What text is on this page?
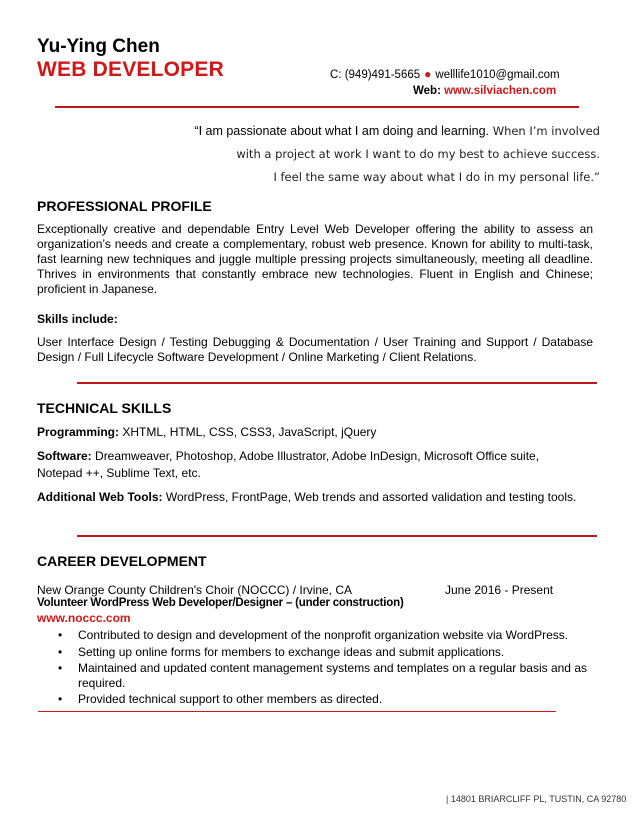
Yu-Ying Chen
WEB DEVELOPER	C: (949)491-5665 ● welllife1010@gmail.com
Web: www.silviachen.com
“I am passionate about what I am doing and learning. When I’m involved
with a project at work I want to do my best to achieve success.
I feel the same way about what I do in my personal life.”
PROFESSIONAL PROFILE
Exceptionally creative and dependable Entry Level Web Developer offering the ability to assess an organization’s needs and create a complementary, robust web presence. Known for ability to multi-task, fast learning new techniques and juggle multiple pressing projects simultaneously, meeting all deadline. Thrives in environments that constantly embrace new technologies. Fluent in English and Chinese; proficient in Japanese.
Skills include:
User Interface Design / Testing Debugging & Documentation / User Training and Support / Database Design / Full Lifecycle Software Development / Online Marketing / Client Relations.
TECHNICAL SKILLS
Programming: XHTML, HTML, CSS, CSS3, JavaScript, jQuery
Software: Dreamweaver, Photoshop, Adobe Illustrator, Adobe InDesign, Microsoft Office suite, Notepad ++, Sublime Text, etc.
Additional Web Tools: WordPress, FrontPage, Web trends and assorted validation and testing tools.
CAREER DEVELOPMENT
New Orange County Children's Choir (NOCCC) / Irvine, CA	June 2016 - Present
Volunteer WordPress Web Developer/Designer – (under construction)
www.noccc.com
• Contributed to design and development of the nonprofit organization website via WordPress.
• Setting up online forms for members to exchange ideas and submit applications.
• Maintained and updated content management systems and templates on a regular basis and as required.
• Provided technical support to other members as directed.
| 14801 BRIARCLIFF PL, TUSTIN, CA 92780
